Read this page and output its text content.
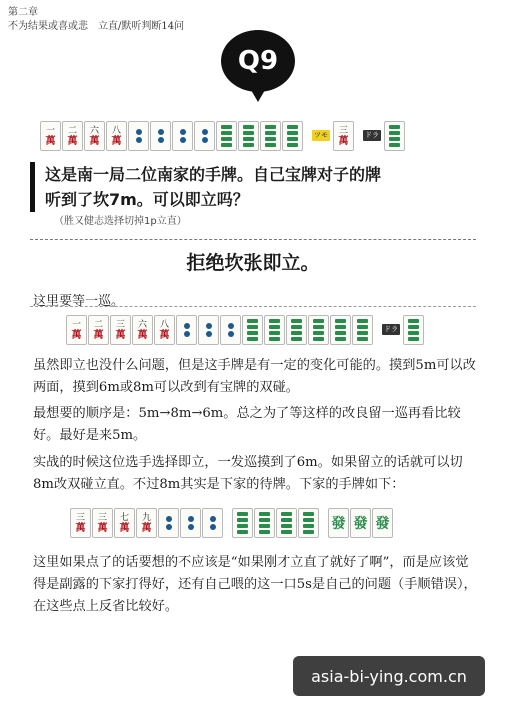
第二章
不为结果或喜或悲　立直/默听判断14问
Q9
一
萬
二
萬
六
萬
八
萬
ツモ 三
萬
ドラ
这是南一局二位南家的手牌。自己宝牌对子的牌
听到了坎7m。可以即立吗？
（胜又健志选择切掉1p立直）
拒绝坎张即立。
这里要等一巡。
一
萬
二
萬
三
萬
六
萬
八
萬
ドラ
虽然即立也没什么问题，但是这手牌是有一定的变化可能的。摸到5m可以改两面，摸到6m或8m可以改到有宝牌的双碰。
最想要的顺序是：5m→8m→6m。总之为了等这样的改良留一巡再看比较好。最好是来5m。
实战的时候这位选手选择即立，一发巡摸到了6m。如果留立的话就可以切8m改双碰立直。不过8m其实是下家的待牌。下家的手牌如下：
三
萬
三
萬
七
萬
九
萬	發 發 發
这里如果点了的话要想的不应该是“如果刚才立直了就好了啊”，而是应该觉得是副露的下家打得好，还有自己喂的这一口5s是自己的问题（手顺错误），在这些点上反省比较好。
asia-bi-ying.com.cn
